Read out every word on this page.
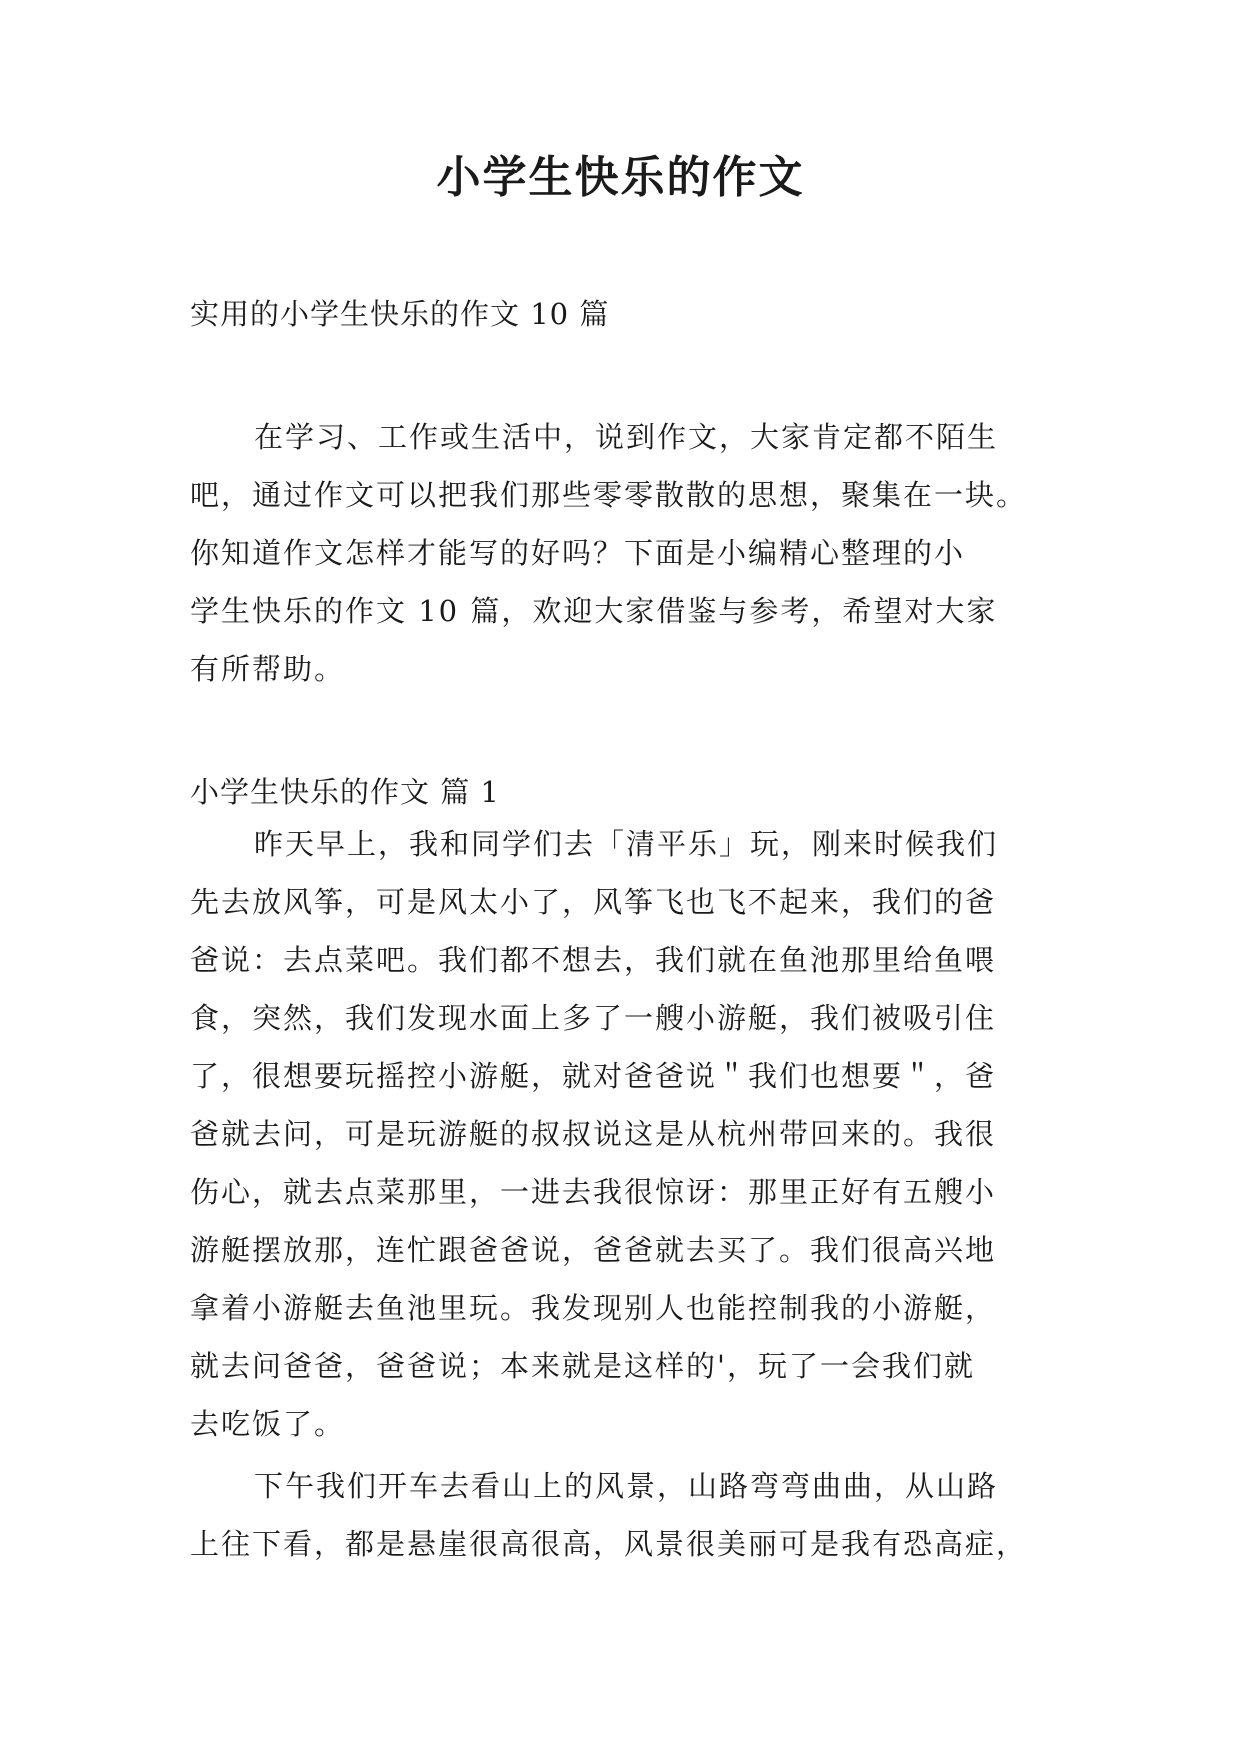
小学生快乐的作文

实用的小学生快乐的作文 10 篇

在学习、工作或生活中，说到作文，大家肯定都不陌生
吧，通过作文可以把我们那些零零散散的思想，聚集在一块。
你知道作文怎样才能写的好吗？下面是小编精心整理的小
学生快乐的作文 10 篇，欢迎大家借鉴与参考，希望对大家
有所帮助。

小学生快乐的作文 篇 1

昨天早上，我和同学们去「清平乐」玩，刚来时候我们
先去放风筝，可是风太小了，风筝飞也飞不起来，我们的爸
爸说：去点菜吧。我们都不想去，我们就在鱼池那里给鱼喂
食，突然，我们发现水面上多了一艘小游艇，我们被吸引住
了，很想要玩摇控小游艇，就对爸爸说＂我们也想要＂，爸
爸就去问，可是玩游艇的叔叔说这是从杭州带回来的。我很
伤心，就去点菜那里，一进去我很惊讶：那里正好有五艘小
游艇摆放那，连忙跟爸爸说，爸爸就去买了。我们很高兴地
拿着小游艇去鱼池里玩。我发现别人也能控制我的小游艇，
就去问爸爸，爸爸说；本来就是这样的'，玩了一会我们就
去吃饭了。
下午我们开车去看山上的风景，山路弯弯曲曲，从山路
上往下看，都是悬崖很高很高，风景很美丽可是我有恐高症，
